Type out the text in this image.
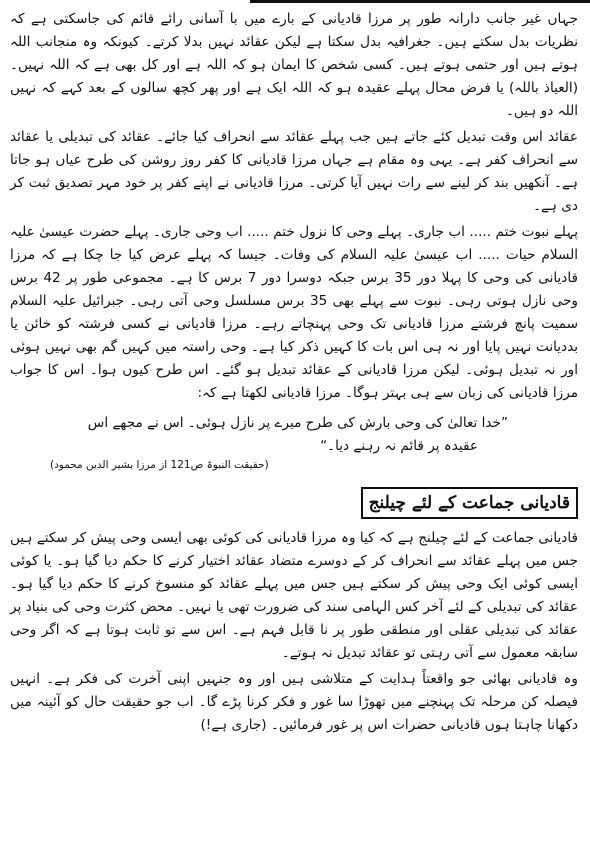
جہاں غیر جانب دارانہ طور پر مرزا قادیانی کے بارے میں با آسانی رائے قائم کی جاسکتی ہے کہ نظریات بدل سکتے ہیں۔ جغرافیہ بدل سکتا ہے لیکن عقائد نہیں بدلا کرتے۔ کیونکہ وہ منجانب اللہ ہوتے ہیں اور حتمی ہوتے ہیں۔ کسی شخص کا ایمان ہو کہ اللہ ہے اور کل بھی ہے کہ اللہ نہیں۔ (العیاذ باللہ) یا فرض محال پہلے عقیدہ ہو کہ اللہ ایک ہے اور پھر کچھ سالوں کے بعد کہے کہ نہیں اللہ دو ہیں۔

عقائد اس وقت تبدیل کئے جاتے ہیں جب پہلے عقائد سے انحراف کیا جائے۔ عقائد کی تبدیلی یا عقائد سے انحراف کفر ہے۔ یہی وہ مقام ہے جہاں مرزا قادیانی کا کفر روز روشن کی طرح عیاں ہو جاتا ہے۔ آنکھیں بند کر لینے سے رات نہیں آیا کرتی۔ مرزا قادیانی نے اپنے کفر پر خود مہر تصدیق ثبت کر دی ہے۔

پہلے نبوت ختم ..... اب جاری۔ پہلے وحی کا نزول ختم ..... اب وحی جاری۔ پہلے حضرت عیسیٰ علیہ السلام حیات ..... اب عیسیٰ علیہ السلام کی وفات۔ جیسا کہ پہلے عرض کیا جا چکا ہے کہ مرزا قادیانی کی وحی کا پہلا دور 35 برس جبکہ دوسرا دور 7 برس کا ہے۔ مجموعی طور پر 42 برس وحی نازل ہوتی رہی۔ نبوت سے پہلے بھی 35 برس مسلسل وحی آتی رہی۔ جبرائیل علیہ السلام سمیت پانچ فرشتے مرزا قادیانی تک وحی پہنچاتے رہے۔ مرزا قادیانی نے کسی فرشتہ کو خائن یا بددیانت نہیں پایا اور نہ ہی اس بات کا کہیں ذکر کیا ہے۔ وحی راستہ میں کہیں گم بھی نہیں ہوئی اور نہ تبدیل ہوئی۔ لیکن مرزا قادیانی کے عقائد تبدیل ہو گئے۔ اس طرح کیوں ہوا۔ اس کا جواب مرزا قادیانی کی زبان سے ہی بہتر ہوگا۔ مرزا قادیانی لکھتا ہے کہ:

”خدا تعالیٰ کی وحی بارش کی طرح میرے پر نازل ہوئی۔ اس نے مجھے اس

عقیدہ پر قائم نہ رہنے دیا۔“

(حقیقت النبوۃ ص121 از مرزا بشیر الدین محمود)

قادیانی جماعت کے لئے چیلنج

قادیانی جماعت کے لئے چیلنج ہے کہ کیا وہ مرزا قادیانی کی کوئی بھی ایسی وحی پیش کر سکتے ہیں جس میں پہلے عقائد سے انحراف کر کے دوسرے متضاد عقائد اختیار کرنے کا حکم دیا گیا ہو۔ یا کوئی ایسی کوئی ایک وحی پیش کر سکتے ہیں جس میں پہلے عقائد کو منسوخ کرنے کا حکم دیا گیا ہو۔ عقائد کی تبدیلی کے لئے آخر کس الہامی سند کی ضرورت تھی یا نہیں۔ محض کثرت وحی کی بنیاد پر عقائد کی تبدیلی عقلی اور منطقی طور پر نا قابل فہم ہے۔ اس سے تو ثابت ہوتا ہے کہ اگر وحی سابقہ معمول سے آتی رہتی تو عقائد تبدیل نہ ہوتے۔

وہ قادیانی بھائی جو واقعتاً ہدایت کے متلاشی ہیں اور وہ جنہیں اپنی آخرت کی فکر ہے۔ انہیں فیصلہ کن مرحلہ تک پہنچنے میں تھوڑا سا غور و فکر کرنا پڑے گا۔ اب جو حقیقت حال کو آئینہ میں دکھانا چاہتا ہوں قادیانی حضرات اس پر غور فرمائیں۔ (جاری ہے!)
